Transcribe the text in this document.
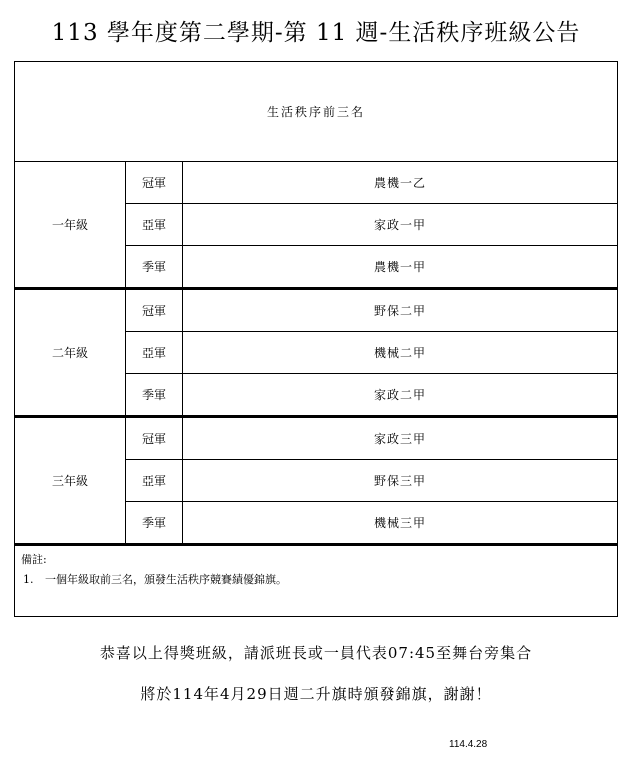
113 學年度第二學期-第 11 週-生活秩序班級公告
生活秩序前三名		
一年級	冠軍	農機一乙
	亞軍	家政一甲
	季軍	農機一甲
二年級	冠軍	野保二甲
	亞軍	機械二甲
	季軍	家政二甲
三年級	冠軍	家政三甲
	亞軍	野保三甲
	季軍	機械三甲

備註:
1. 一個年級取前三名，頒發生活秩序競賽績優錦旗。		
恭喜以上得獎班級，請派班長或一員代表07:45至舞台旁集合
將於114年4月29日週二升旗時頒發錦旗，謝謝！
114.4.28
